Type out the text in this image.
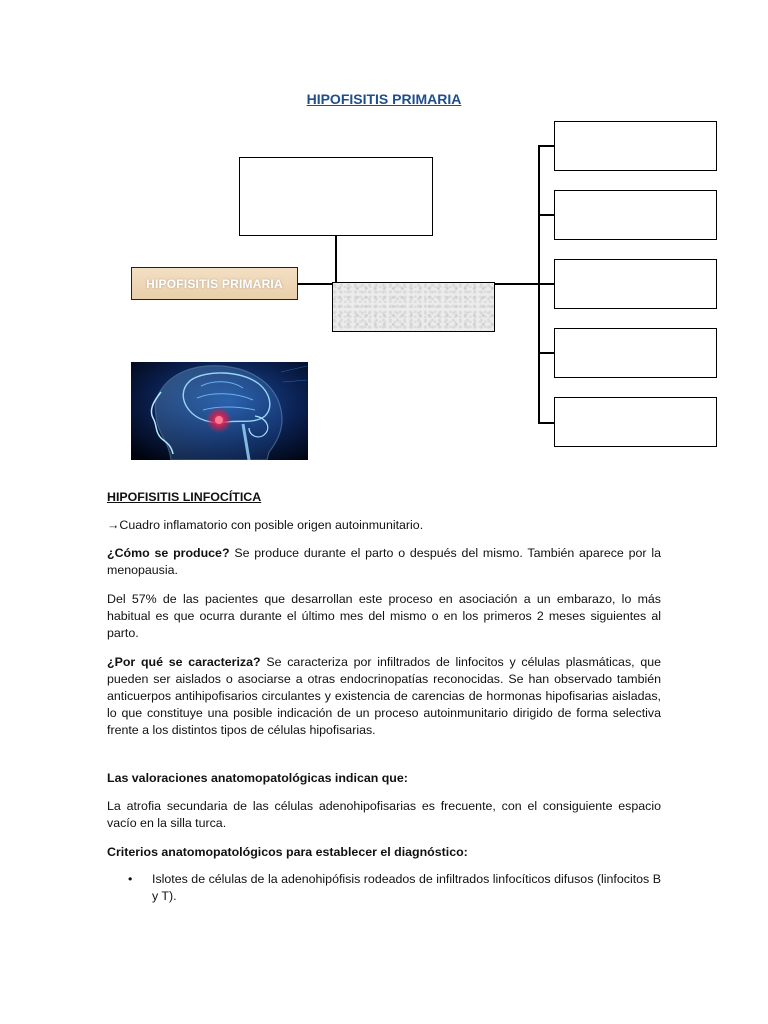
HIPOFISITIS PRIMARIA
HIPOFISITIS PRIMARIA
HIPOFISITIS LINFOCÍTICA
→Cuadro inflamatorio con posible origen autoinmunitario.
¿Cómo se produce? Se produce durante el parto o después del mismo. También aparece por la menopausia.
Del 57% de las pacientes que desarrollan este proceso en asociación a un embarazo, lo más habitual es que ocurra durante el último mes del mismo o en los primeros 2 meses siguientes al parto.
¿Por qué se caracteriza? Se caracteriza por infiltrados de linfocitos y células plasmáticas, que pueden ser aislados o asociarse a otras endocrinopatías reconocidas. Se han observado también anticuerpos antihipofisarios circulantes y existencia de carencias de hormonas hipofisarias aisladas, lo que constituye una posible indicación de un proceso autoinmunitario dirigido de forma selectiva frente a los distintos tipos de células hipofisarias.
Las valoraciones anatomopatológicas indican que:
La atrofia secundaria de las células adenohipofisarias es frecuente, con el consiguiente espacio vacío en la silla turca.
Criterios anatomopatológicos para establecer el diagnóstico:
•	Islotes de células de la adenohipófisis rodeados de infiltrados linfocíticos difusos (linfocitos B y T).
